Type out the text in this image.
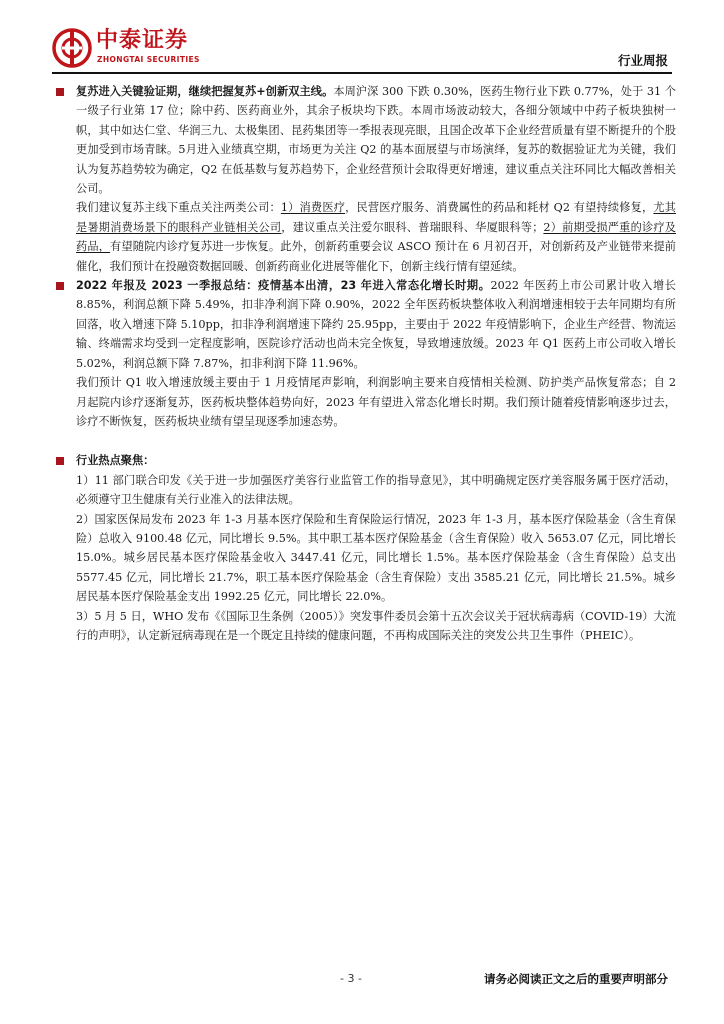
中泰证券
ZHONGTAI SECURITIES	行业周报
复苏进入关键验证期，继续把握复苏+创新双主线。本周沪深 300 下跌 0.30%，医药生物行业下跌 0.77%，处于 31 个一级子行业第 17 位；除中药、医药商业外，其余子板块均下跌。本周市场波动较大，各细分领域中中药子板块独树一帜，其中如达仁堂、华润三九、太极集团、昆药集团等一季报表现亮眼，且国企改革下企业经营质量有望不断提升的个股更加受到市场青睐。5月进入业绩真空期，市场更为关注 Q2 的基本面展望与市场演绎，复苏的数据验证尤为关键，我们认为复苏趋势较为确定，Q2 在低基数与复苏趋势下，企业经营预计会取得更好增速，建议重点关注环同比大幅改善相关公司。
我们建议复苏主线下重点关注两类公司：1）消费医疗，民营医疗服务、消费属性的药品和耗材 Q2 有望持续修复，尤其是暑期消费场景下的眼科产业链相关公司，建议重点关注爱尔眼科、普瑞眼科、华厦眼科等；2）前期受损严重的诊疗及药品，有望随院内诊疗复苏进一步恢复。此外，创新药重要会议 ASCO 预计在 6 月初召开，对创新药及产业链带来提前催化，我们预计在投融资数据回暖、创新药商业化进展等催化下，创新主线行情有望延续。
2022 年报及 2023 一季报总结：疫情基本出清，23 年进入常态化增长时期。2022 年医药上市公司累计收入增长 8.85%，利润总额下降 5.49%，扣非净利润下降 0.90%，2022 全年医药板块整体收入利润增速相较于去年同期均有所回落，收入增速下降 5.10pp，扣非净利润增速下降约 25.95pp，主要由于 2022 年疫情影响下，企业生产经营、物流运输、终端需求均受到一定程度影响，医院诊疗活动也尚未完全恢复，导致增速放缓。2023 年 Q1 医药上市公司收入增长 5.02%，利润总额下降 7.87%，扣非利润下降 11.96%。
我们预计 Q1 收入增速放缓主要由于 1 月疫情尾声影响，利润影响主要来自疫情相关检测、防护类产品恢复常态；自 2 月起院内诊疗逐渐复苏，医药板块整体趋势向好，2023 年有望进入常态化增长时期。我们预计随着疫情影响逐步过去，诊疗不断恢复，医药板块业绩有望呈现逐季加速态势。
行业热点聚焦：
1）11 部门联合印发《关于进一步加强医疗美容行业监管工作的指导意见》，其中明确规定医疗美容服务属于医疗活动，必须遵守卫生健康有关行业准入的法律法规。
2）国家医保局发布 2023 年 1-3 月基本医疗保险和生育保险运行情况，2023 年 1-3 月，基本医疗保险基金（含生育保险）总收入 9100.48 亿元，同比增长 9.5%。其中职工基本医疗保险基金（含生育保险）收入 5653.07 亿元，同比增长 15.0%。城乡居民基本医疗保险基金收入 3447.41 亿元，同比增长 1.5%。基本医疗保险基金（含生育保险）总支出 5577.45 亿元，同比增长 21.7%，职工基本医疗保险基金（含生育保险）支出 3585.21 亿元，同比增长 21.5%。城乡居民基本医疗保险基金支出 1992.25 亿元，同比增长 22.0%。
3）5 月 5 日，WHO 发布《《国际卫生条例（2005）》突发事件委员会第十五次会议关于冠状病毒病（COVID-19）大流行的声明》，认定新冠病毒现在是一个既定且持续的健康问题，不再构成国际关注的突发公共卫生事件（PHEIC）。
- 3 -	请务必阅读正文之后的重要声明部分
